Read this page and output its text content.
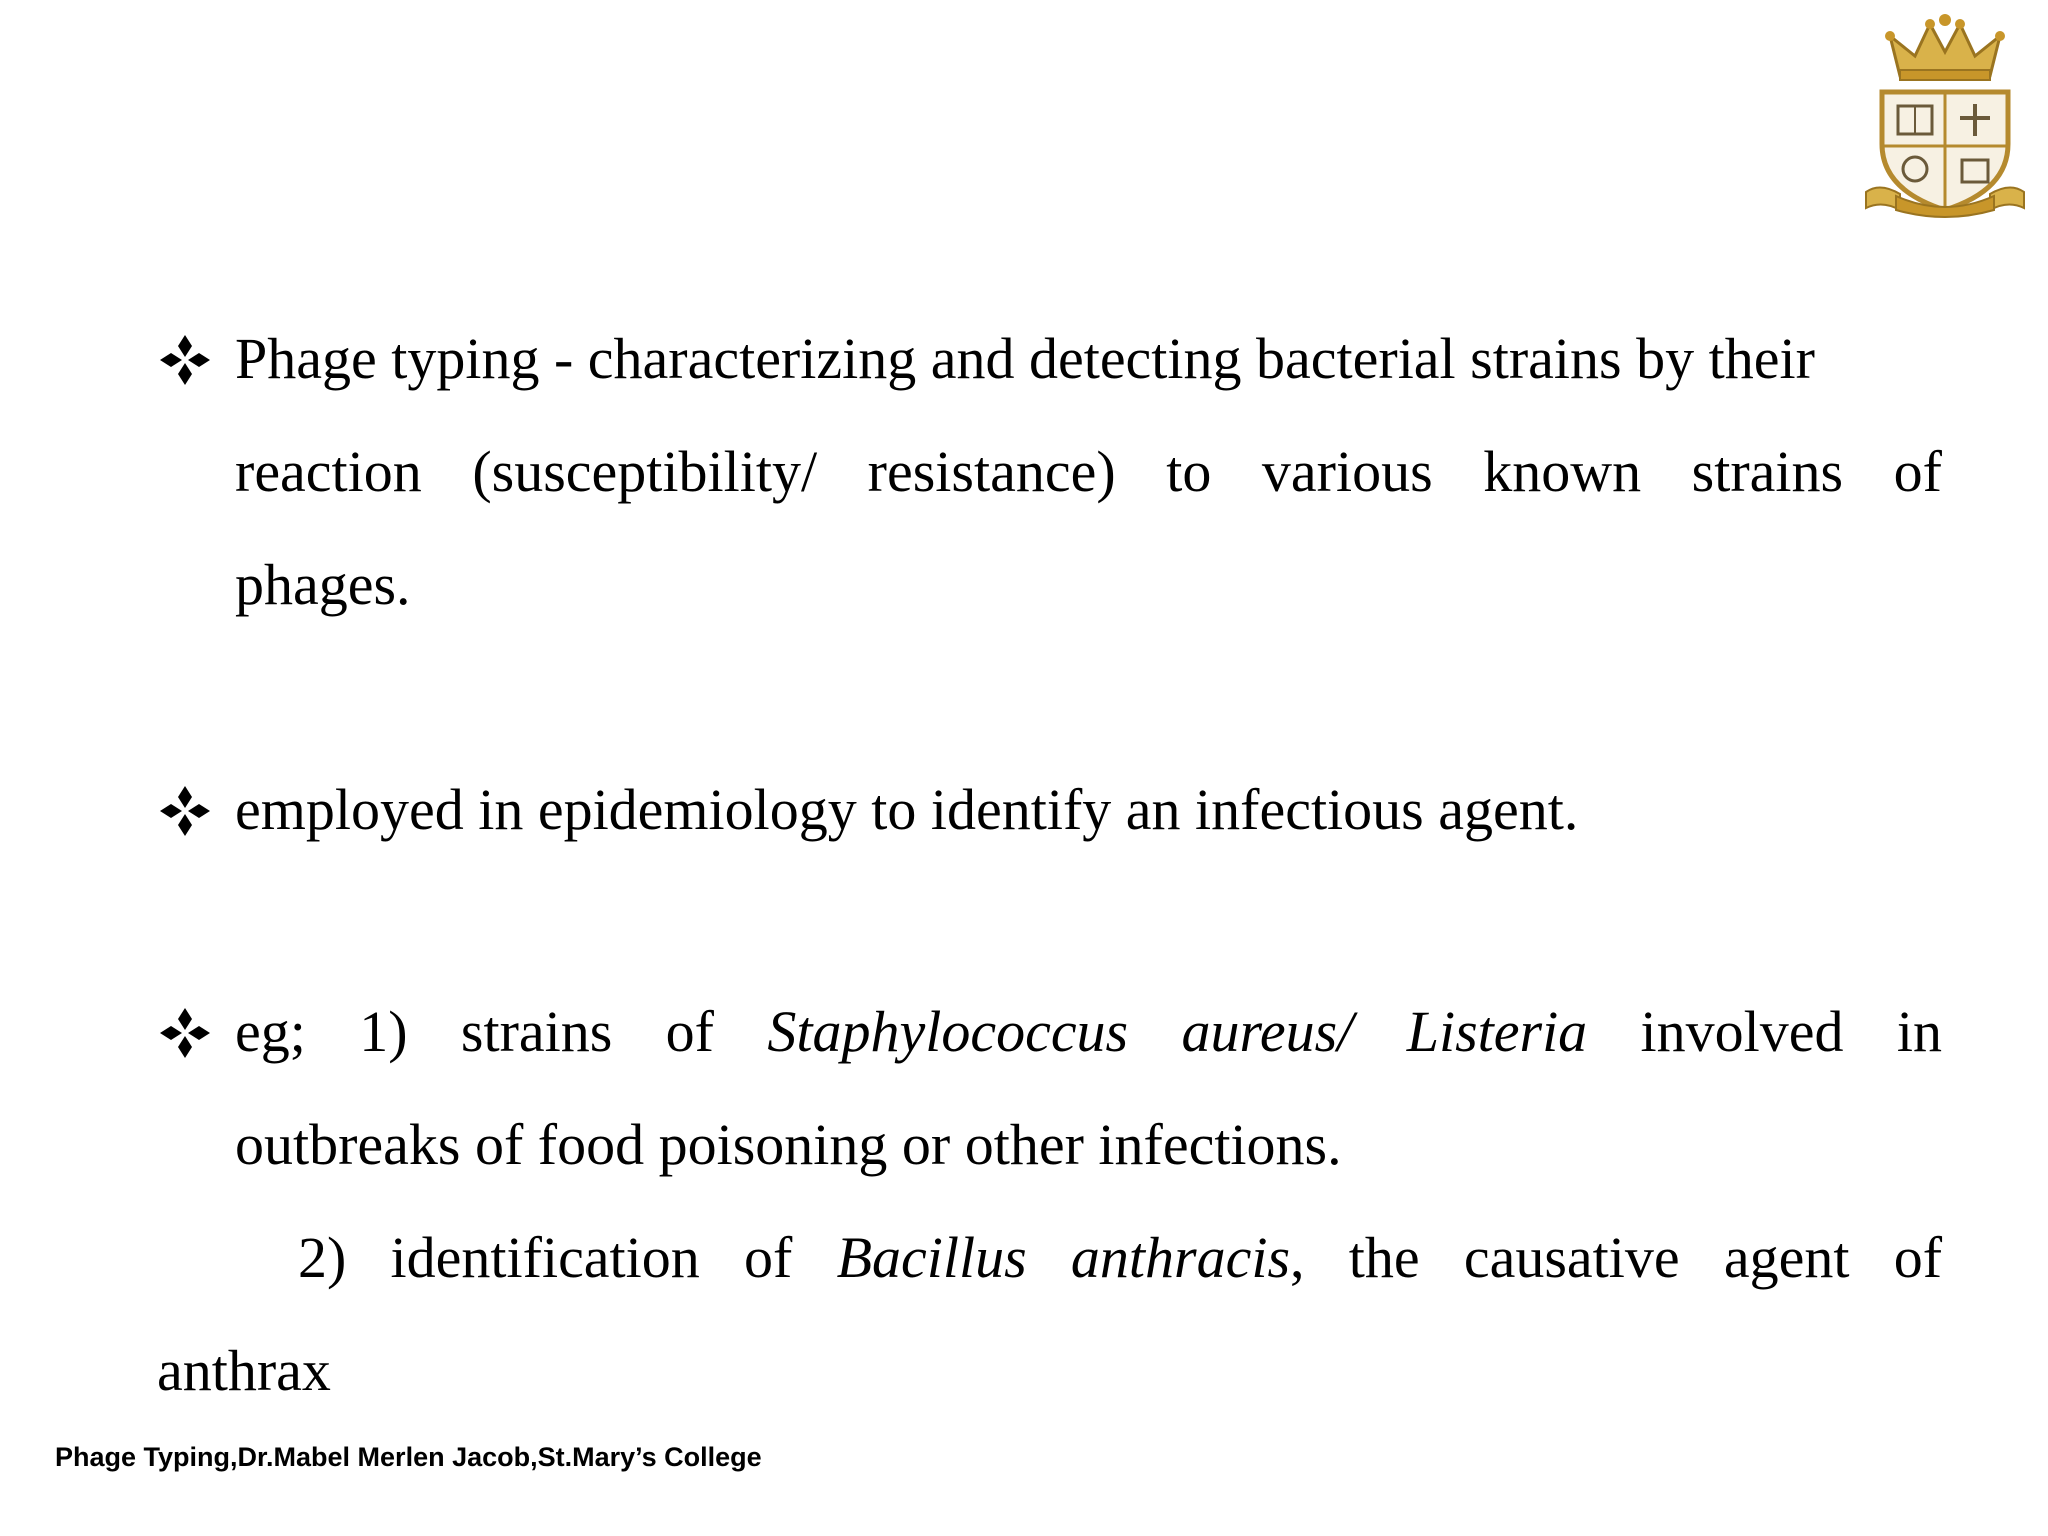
Phage typing - characterizing and detecting bacterial strains by their

reaction (susceptibility/ resistance) to various known strains of

phages.

employed in epidemiology to identify an infectious agent.

eg; 1) strains of Staphylococcus aureus/ Listeria involved in

outbreaks of food poisoning or other infections.

2) identification of Bacillus anthracis, the causative agent of

anthrax

Phage Typing,Dr.Mabel Merlen Jacob,St.Mary’s College
